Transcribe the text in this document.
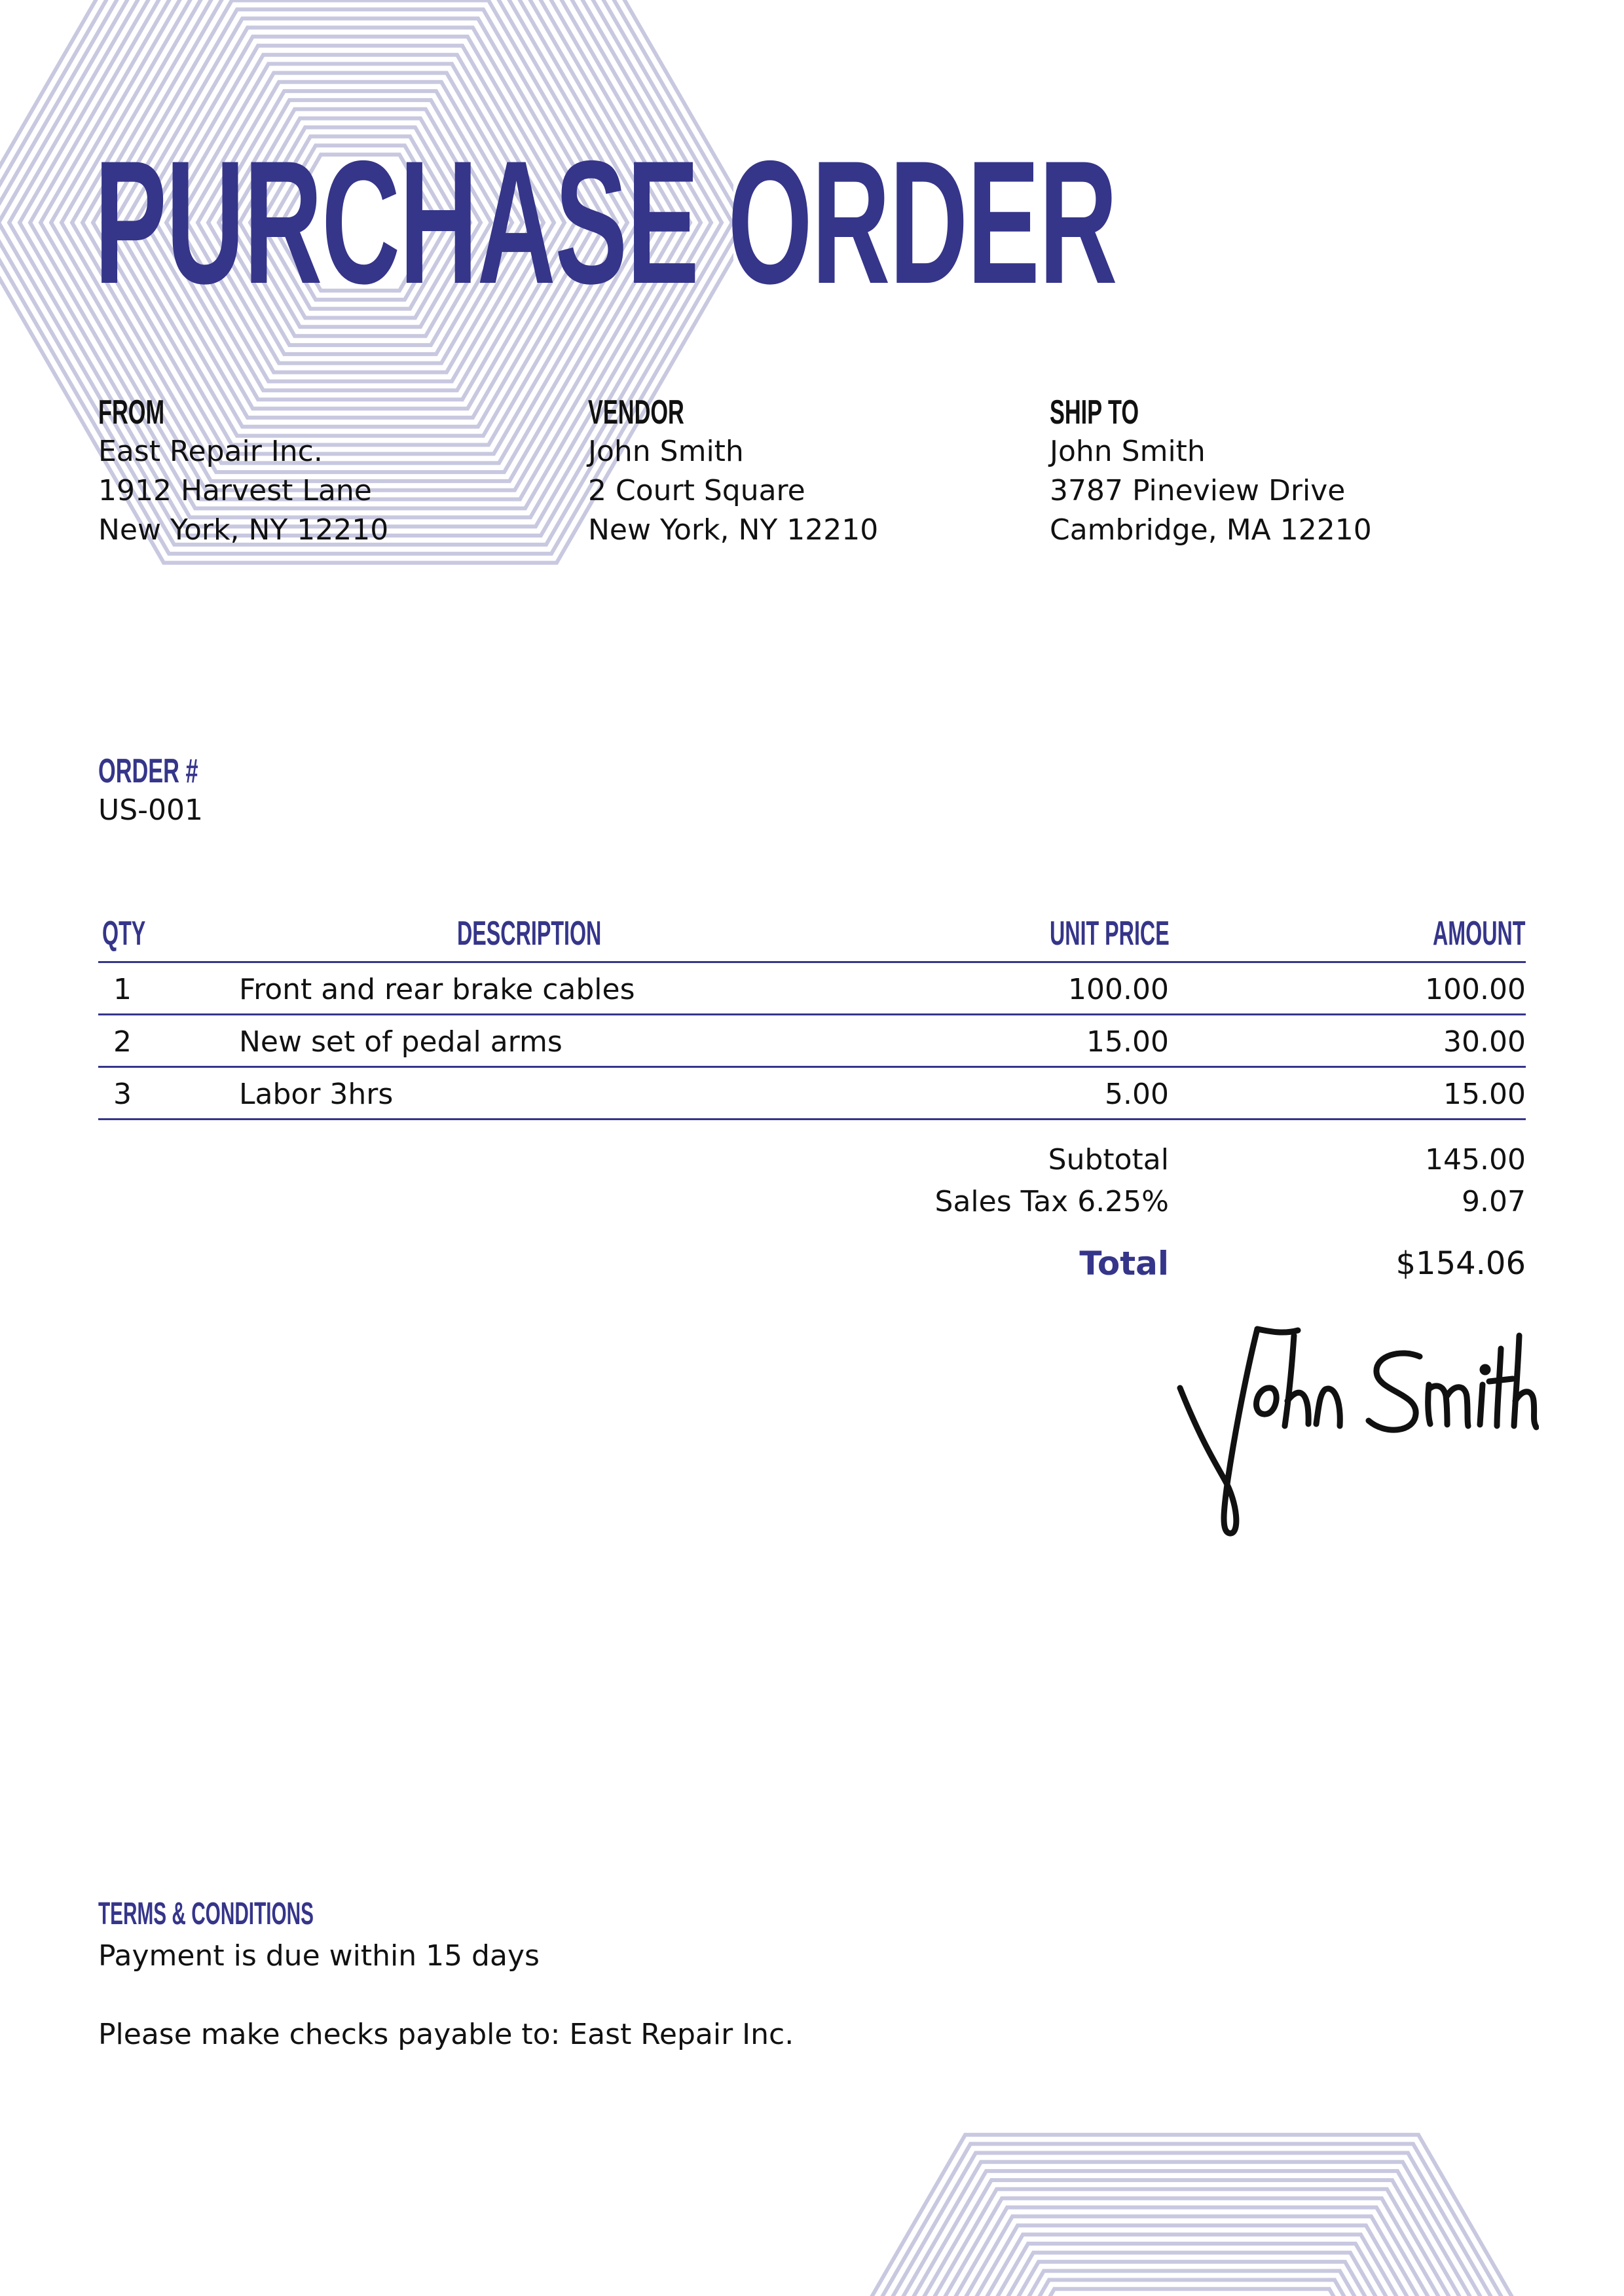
PURCHASE ORDER
FROM
East Repair Inc.
1912 Harvest Lane
New York, NY 12210
VENDOR
John Smith
2 Court Square
New York, NY 12210
SHIP TO
John Smith
3787 Pineview Drive
Cambridge, MA 12210
ORDER #
US-001
QTY	DESCRIPTION	UNIT PRICE	AMOUNT
1	Front and rear brake cables	100.00	100.00
2	New set of pedal arms	15.00	30.00
3	Labor 3hrs	5.00	15.00
Subtotal	145.00
Sales Tax 6.25%	9.07
Total	$154.06
TERMS & CONDITIONS
Payment is due within 15 days
Please make checks payable to: East Repair Inc.
